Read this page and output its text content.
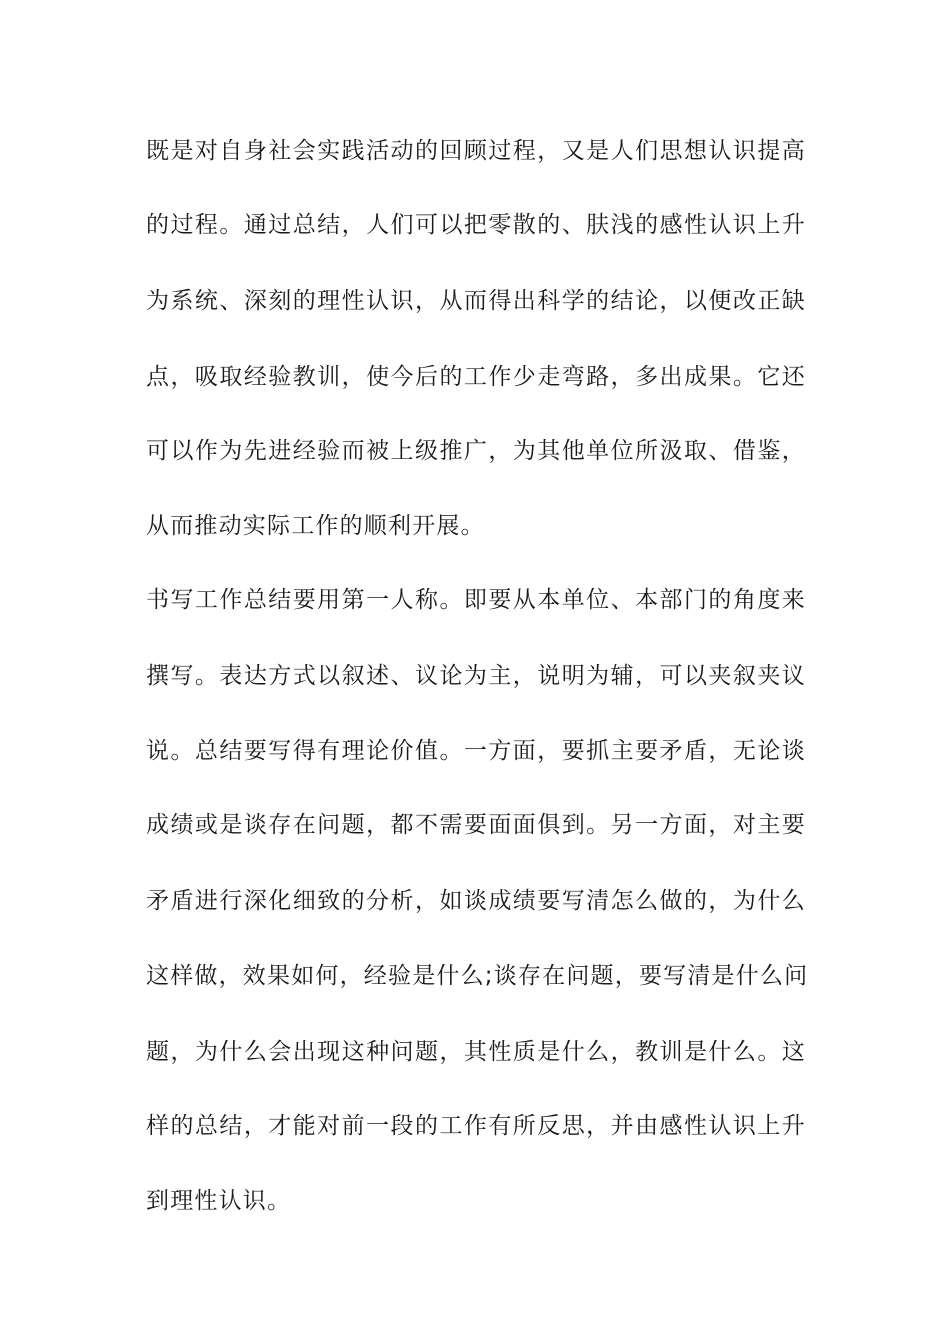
既是对自身社会实践活动的回顾过程，又是人们思想认识提高
的过程。通过总结，人们可以把零散的、肤浅的感性认识上升
为系统、深刻的理性认识，从而得出科学的结论，以便改正缺
点，吸取经验教训，使今后的工作少走弯路，多出成果。它还
可以作为先进经验而被上级推广，为其他单位所汲取、借鉴，
从而推动实际工作的顺利开展。
书写工作总结要用第一人称。即要从本单位、本部门的角度来
撰写。表达方式以叙述、议论为主，说明为辅，可以夹叙夹议
说。总结要写得有理论价值。一方面，要抓主要矛盾，无论谈
成绩或是谈存在问题，都不需要面面俱到。另一方面，对主要
矛盾进行深化细致的分析，如谈成绩要写清怎么做的，为什么
这样做，效果如何，经验是什么;谈存在问题，要写清是什么问
题，为什么会出现这种问题，其性质是什么，教训是什么。这
样的总结，才能对前一段的工作有所反思，并由感性认识上升
到理性认识。
